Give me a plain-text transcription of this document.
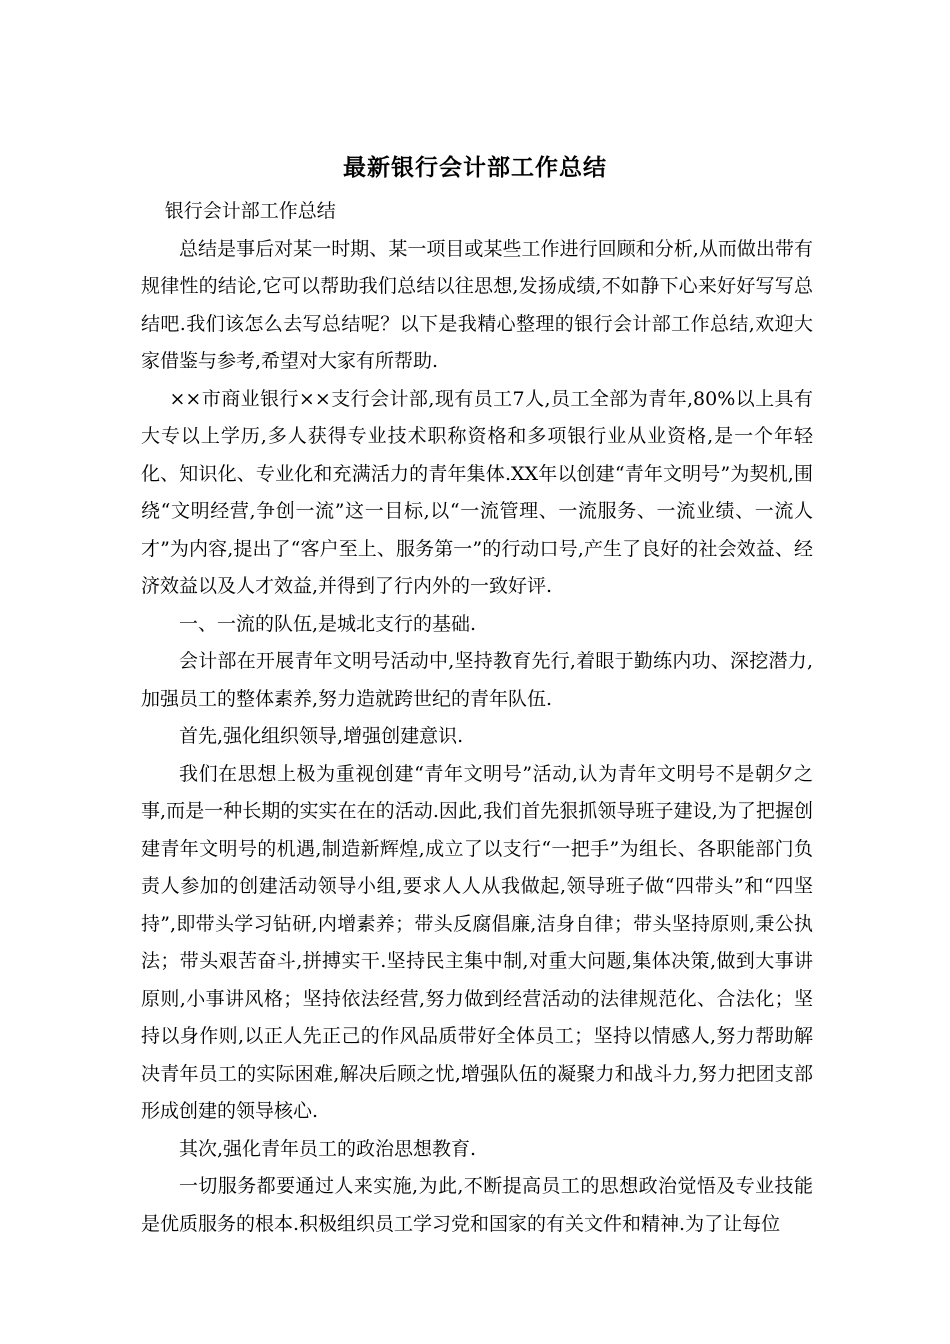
最新银行会计部工作总结

银行会计部工作总结

总结是事后对某一时期、某一项目或某些工作进行回顾和分析,从而做出带有规律性的结论,它可以帮助我们总结以往思想,发扬成绩,不如静下心来好好写写总结吧.我们该怎么去写总结呢？以下是我精心整理的银行会计部工作总结,欢迎大家借鉴与参考,希望对大家有所帮助.

××市商业银行××支行会计部,现有员工7人,员工全部为青年,80%以上具有大专以上学历,多人获得专业技术职称资格和多项银行业从业资格,是一个年轻化、知识化、专业化和充满活力的青年集体.XX年以创建“青年文明号”为契机,围绕“文明经营,争创一流”这一目标,以“一流管理、一流服务、一流业绩、一流人才”为内容,提出了“客户至上、服务第一”的行动口号,产生了良好的社会效益、经济效益以及人才效益,并得到了行内外的一致好评.

一、一流的队伍,是城北支行的基础.

会计部在开展青年文明号活动中,坚持教育先行,着眼于勤练内功、深挖潜力,加强员工的整体素养,努力造就跨世纪的青年队伍.

首先,强化组织领导,增强创建意识.

我们在思想上极为重视创建“青年文明号”活动,认为青年文明号不是朝夕之事,而是一种长期的实实在在的活动.因此,我们首先狠抓领导班子建设,为了把握创建青年文明号的机遇,制造新辉煌,成立了以支行“一把手”为组长、各职能部门负责人参加的创建活动领导小组,要求人人从我做起,领导班子做“四带头”和“四坚持”,即带头学习钻研,内增素养；带头反腐倡廉,洁身自律；带头坚持原则,秉公执法；带头艰苦奋斗,拼搏实干.坚持民主集中制,对重大问题,集体决策,做到大事讲原则,小事讲风格；坚持依法经营,努力做到经营活动的法律规范化、合法化；坚持以身作则,以正人先正己的作风品质带好全体员工；坚持以情感人,努力帮助解决青年员工的实际困难,解决后顾之忧,增强队伍的凝聚力和战斗力,努力把团支部形成创建的领导核心.

其次,强化青年员工的政治思想教育.

一切服务都要通过人来实施,为此,不断提高员工的思想政治觉悟及专业技能是优质服务的根本.积极组织员工学习党和国家的有关文件和精神.为了让每位
